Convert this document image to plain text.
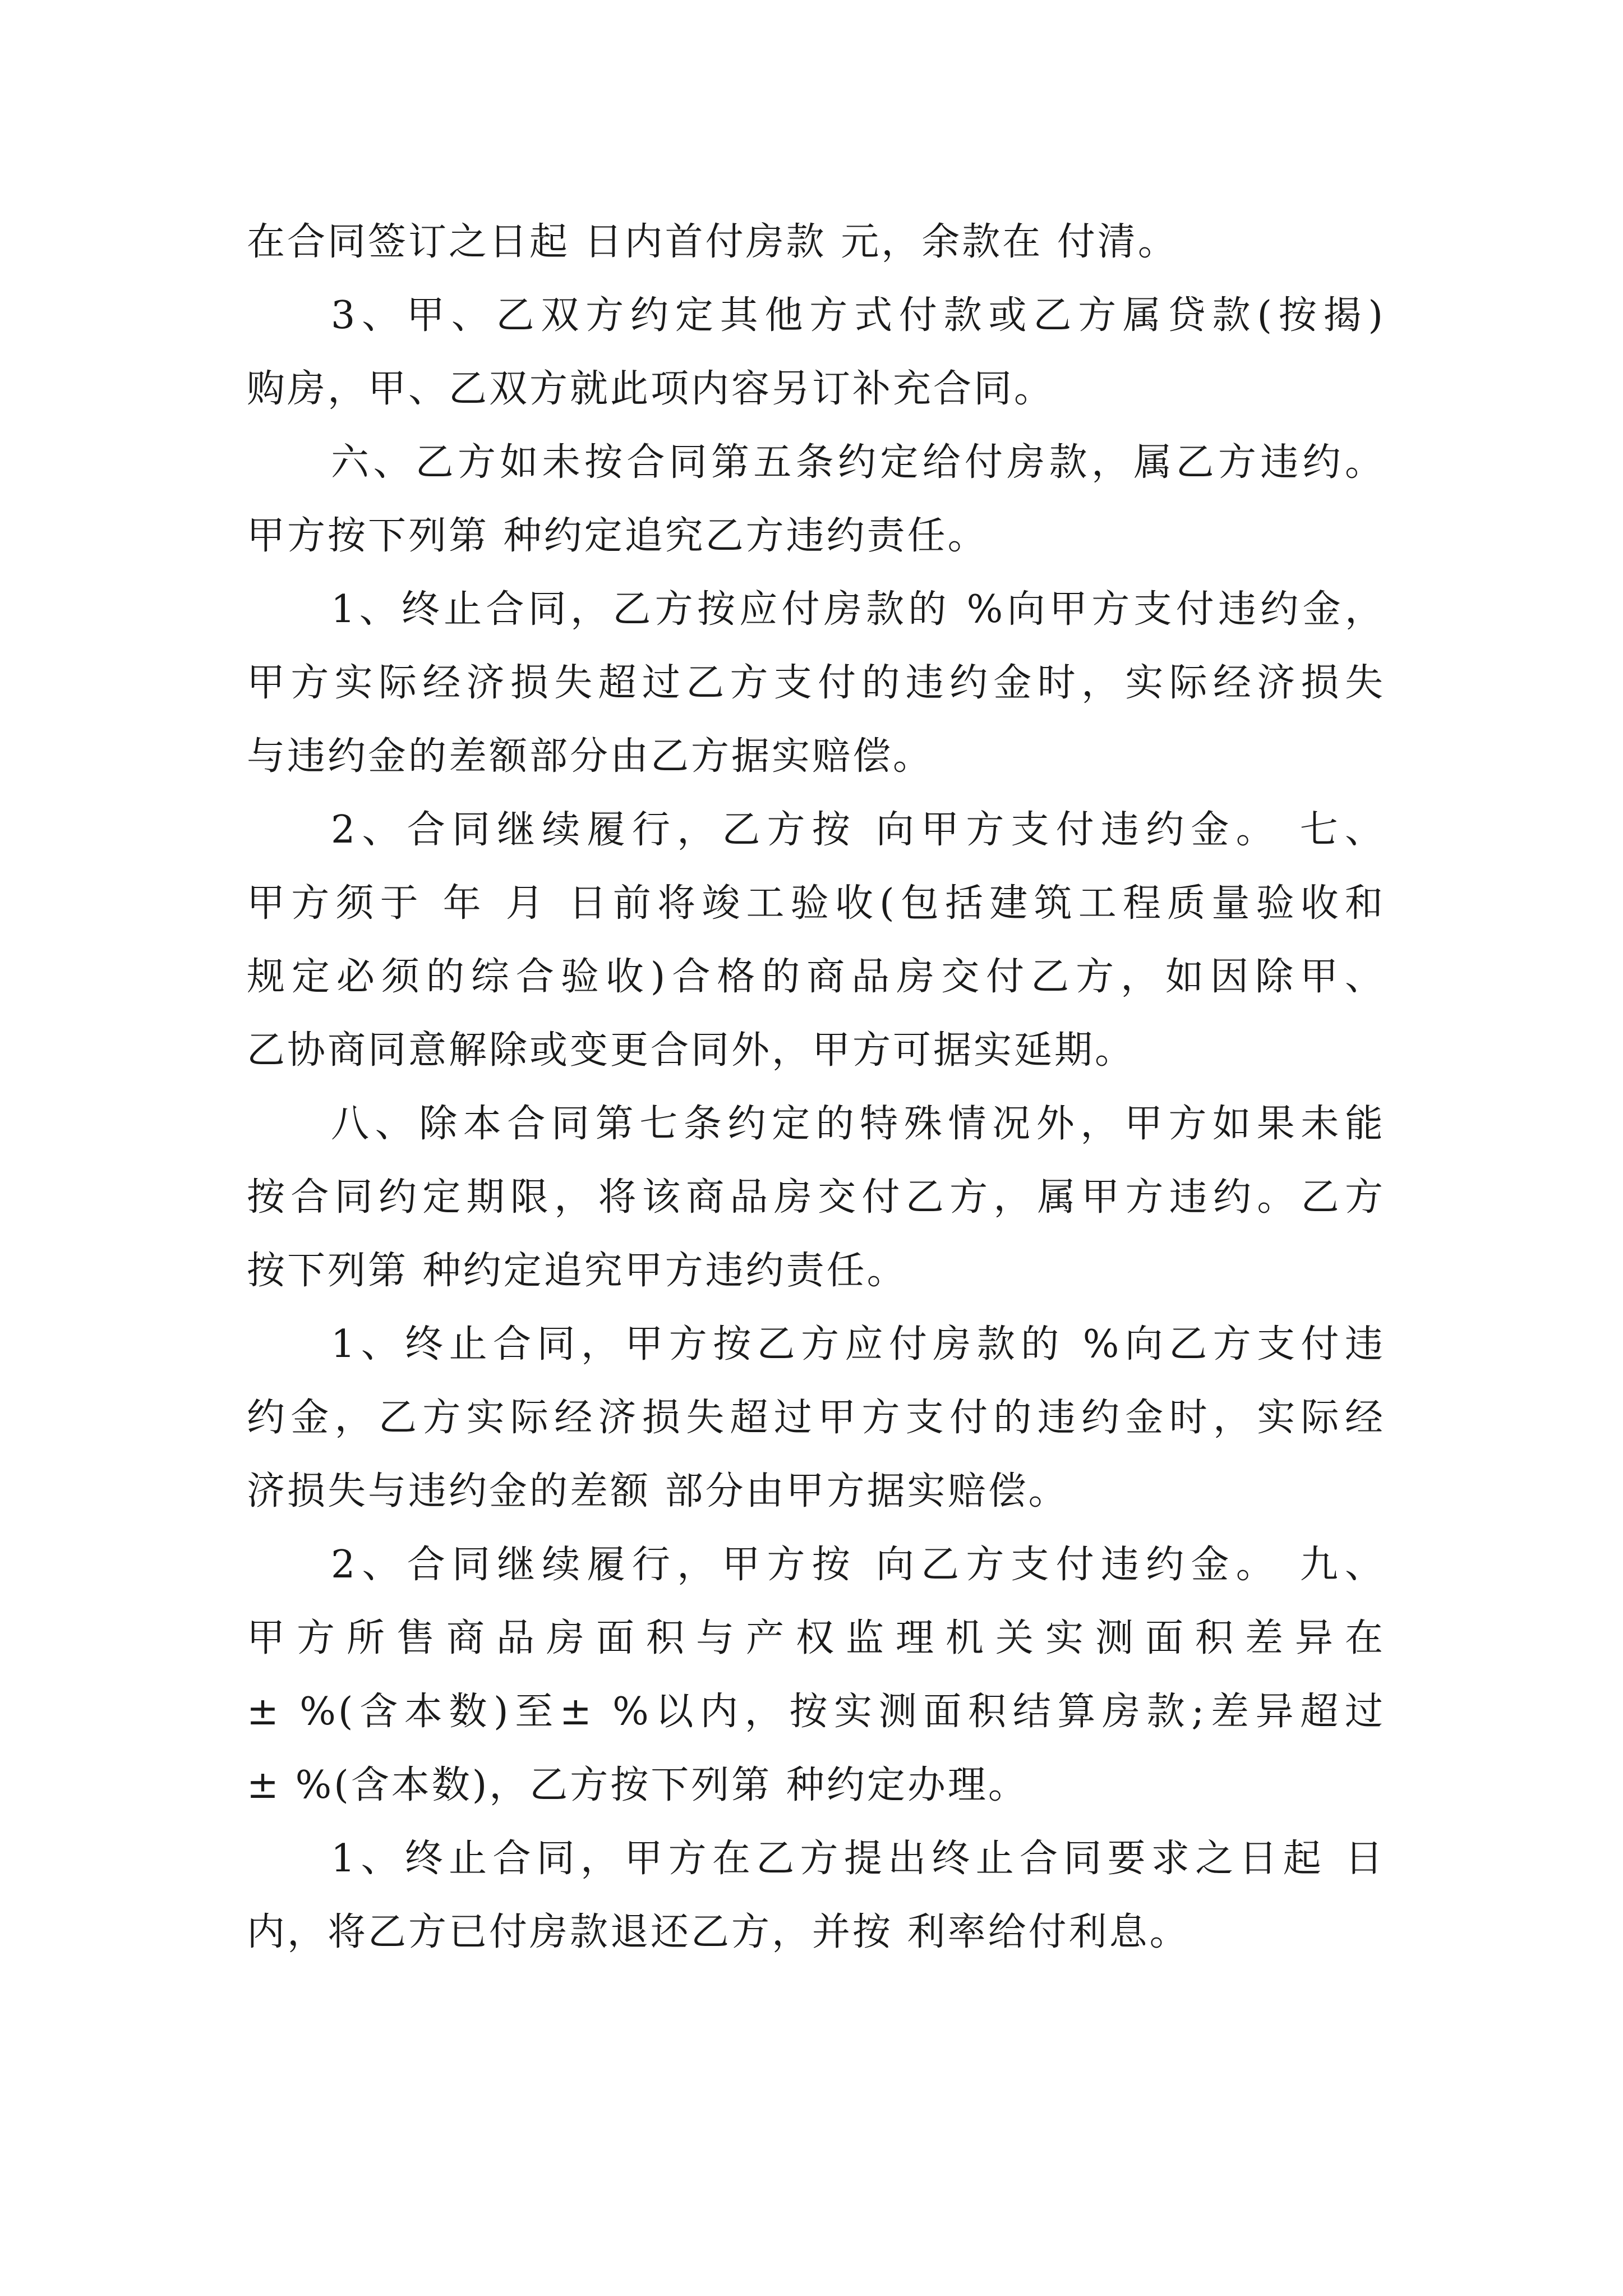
在合同签订之日起 日内首付房款 元，余款在 付清。
3、甲、乙双方约定其他方式付款或乙方属贷款(按揭)
购房，甲、乙双方就此项内容另订补充合同。
六、乙方如未按合同第五条约定给付房款，属乙方违约。
甲方按下列第 种约定追究乙方违约责任。
1、终止合同，乙方按应付房款的 %向甲方支付违约金，
甲方实际经济损失超过乙方支付的违约金时，实际经济损失
与违约金的差额部分由乙方据实赔偿。
2、合同继续履行，乙方按 向甲方支付违约金。 七、
甲方须于 年 月 日前将竣工验收(包括建筑工程质量验收和
规定必须的综合验收)合格的商品房交付乙方，如因除甲、
乙协商同意解除或变更合同外，甲方可据实延期。
八、除本合同第七条约定的特殊情况外，甲方如果未能
按合同约定期限，将该商品房交付乙方，属甲方违约。乙方
按下列第 种约定追究甲方违约责任。
1、终止合同，甲方按乙方应付房款的 %向乙方支付违
约金，乙方实际经济损失超过甲方支付的违约金时，实际经
济损失与违约金的差额 部分由甲方据实赔偿。
2、合同继续履行，甲方按 向乙方支付违约金。 九、
甲方所售商品房面积与产权监理机关实测面积差异在
± %(含本数)至± %以内，按实测面积结算房款;差异超过
± %(含本数)，乙方按下列第 种约定办理。
1、终止合同，甲方在乙方提出终止合同要求之日起 日
内，将乙方已付房款退还乙方，并按 利率给付利息。
